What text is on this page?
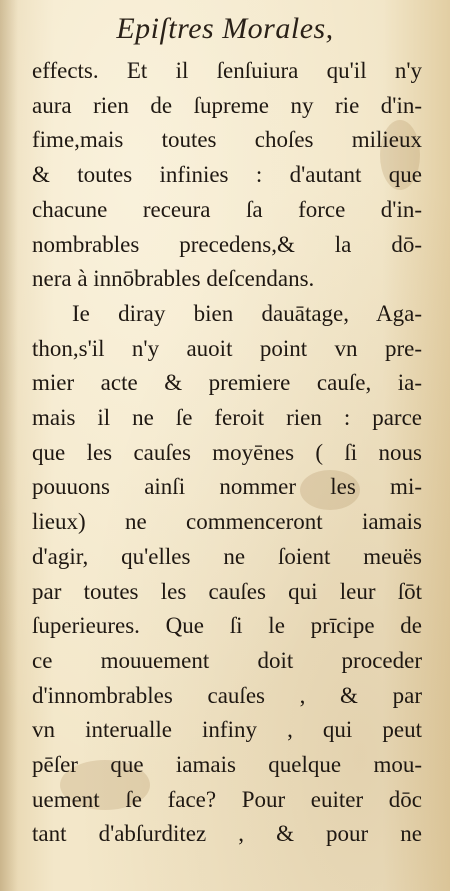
Epiſtres Morales,
effects. Et il ſenſuiura qu'il n'y
aura rien de ſupreme ny rie d'in-
fime,mais toutes choſes milieux
& toutes infinies : d'autant que
chacune receura ſa force d'in-
nombrables precedens,& la dō-
nera à innōbrables deſcendans.
Ie diray bien dauātage, Aga-
thon,s'il n'y auoit point vn pre-
mier acte & premiere cauſe, ia-
mais il ne ſe feroit rien : parce
que les cauſes moyēnes ( ſi nous
pouuons ainſi nommer les mi-
lieux) ne commenceront iamais
d'agir, qu'elles ne ſoient meuës
par toutes les cauſes qui leur ſōt
ſuperieures. Que ſi le prīcipe de
ce mouuement doit proceder
d'innombrables cauſes , & par
vn interualle infiny , qui peut
pēſer que iamais quelque mou-
uement ſe face? Pour euiter dōc
tant d'abſurditez , & pour ne
